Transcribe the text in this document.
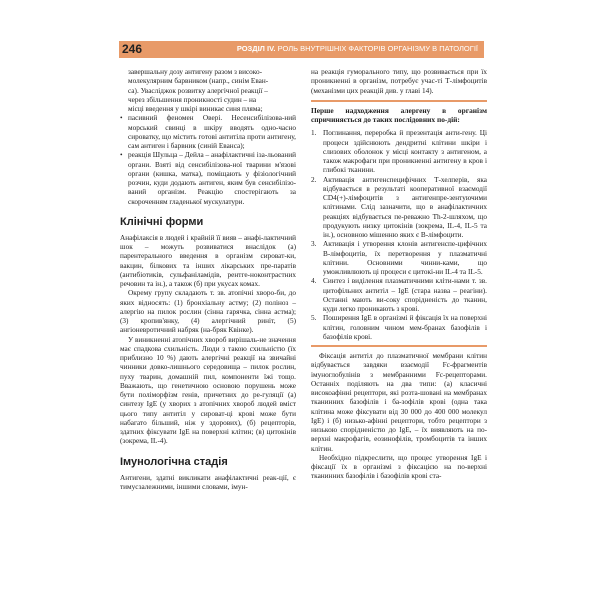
246	РОЗДІЛ IV. РОЛЬ ВНУТРІШНІХ ФАКТОРІВ ОРГАНІЗМУ В ПАТОЛОГІЇ

завершальну дозу антигену разом з високо-

молекулярним барвником (напр., синім Еван-

са). Увасліджок розвитку алергічної реакції –

через збільшення проникності судин – на

місці введення у шкірі виникає синя пляма;

• пасивний феномен Овері. Несенсибілізова-ний морський свинці в шкіру вводять одно-часно сироватку, що містить готові антитіла проти антигену, сам антиген і барвник (синій Еванса);
• реакція Шульца – Дейла – анафілактичні іза-льований органи. Взяті від сенсибілізова-ної тварини м'язові органи (кишка, матка), поміщають у фізіологічний розчин, куди додають антиген, яким був сенсибілізо-ваний організм. Реакцію спостерігають за скороченням гладенької мускулатури.

Клінічні форми

Анафілаксія в людей і крайній її вияв – анафі-лактичний шок – можуть розвиватися внаслідок (а) парентерального введення в організм сироват-ки, вакцин, білкових та інших лікарських пре-паратів (антибіотиків, сульфаніламідів, рентге-ноконтрастних речовин та ін.), а також (б) при укусах комах.

Окрему групу складають т. зв. атопічні хворо-би, до яких відносять: (1) бронхіальну астму; (2) поліноз – алергію на пилок рослин (сінна гарячка, сінна астма); (3) кропив'янку, (4) алергічний риніт, (5) ангіоневротичний набряк (на-бряк Квінке).

У виникненні атопічних хвороб вирішаль-не значення має спадкова схильність. Люди з такою схильністю (їх приблизно 10 %) дають алергічні реакції на звичайні чинники довко-лишнього середовища – пилок рослин, пуху тварин, домашній пил, компоненти їжі тощо. Вважають, що генетичною основою порушень може бути поліморфізм генів, причетних до ре-гуляції (а) синтезу IgE (у хворих з атопічних хвороб людей вміст цього типу антитіл у сироват-ці крові може бути набагато більший, ніж у здорових), (б) рецепторів, здатних фіксувати IgE на поверхні клітин; (в) цитокінів (зокрема, IL-4).

Імунологічна стадія

Антигени, здатні викликати анафілактичні реак-ції, є тимусзалежними, іншими словами, імун-

на реакція гуморального типу, що розвивається при їх проникненні в організм, потребує учас-ті Т-лімфоцитів (механізми цих реакцій див. у главі 14).

Перше надходження алергену в організм спричиняється до таких послідовних по-дій:
1. Поглинання, переробка й презентація анти-гену. Ці процеси здійснюють дендритні клітини шкіри і слизових оболонок у місці контакту з антигеном, а також макрофаги при проникненні антигену в кров і глибокі тканини.
2. Активація антигенспецифічних Т-хелперів, яка відбувається в результаті кооперативної взаємодії CD4(+)-лімфоцитів з антигенпре-зентуючими клітинами. Слід зазначити, що в анафілактичних реакціях відбувається пе-реважно Th-2-шляхом, що продукують низку цитокінів (зокрема, IL-4, IL-5 та ін.), основною мішенню яких є В-лімфоцити.
3. Активація і утворення клонів антигенспе-цифічних В-лімфоцитів, їх перетворення у плазматичні клітини. Основними чинни-ками, що уможливлюють ці процеси є цитокі-ни IL-4 та IL-5.
4. Синтез і виділення плазматичними кліти-нами т. зв. цитофільних антитіл – IgE (стара назва – реагіни). Останні мають ви-соку спорідненість до тканин, куди легко проникають з крові.
5. Поширення IgE в організмі й фіксація їх на поверхні клітин, головним чином мем-бранах базофілів і базофілів крові.

Фіксація антитіл до плазматичної мембрани клітин відбувається завдяки взаємодії Fc-фрагментів імуноглобулінів з мембранними Fc-рецепторами. Останніх поділяють на два типи: (а) класичні високоафінні рецептори, які розта-шовані на мембранах тканинних базофілів і ба-зофілів крові (одна така клітина може фіксувати від 30 000 до 400 000 молекул IgE) і (б) низько-афінні рецептори, тобто рецептори з низькою спорідненістю до IgE, – їх виявляють на по-верхні макрофагів, еозинофілів, тромбоцитів та інших клітин.

Необхідно підкреслити, що процес утворення IgE і фіксації їх в організмі з фіксацією на по-верхні тканинних базофілів і базофілів крові ста-
